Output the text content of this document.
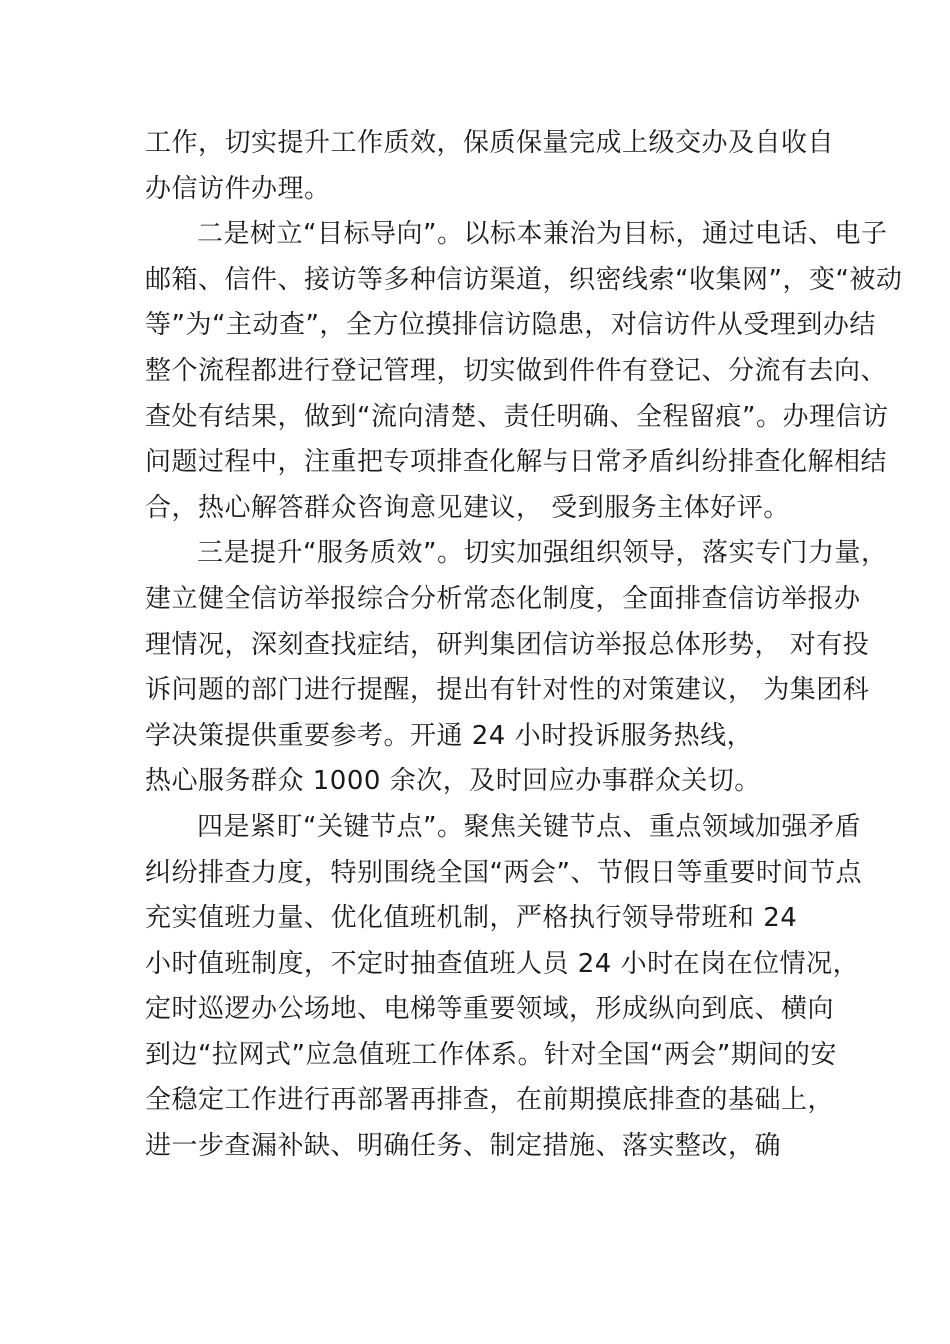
工作，切实提升工作质效，保质保量完成上级交办及自收自
办信访件办理。
二是树立“目标导向”。以标本兼治为目标，通过电话、电子
邮箱、信件、接访等多种信访渠道，织密线索“收集网”，变“被动
等”为“主动查”，全方位摸排信访隐患，对信访件从受理到办结
整个流程都进行登记管理，切实做到件件有登记、分流有去向、
查处有结果，做到“流向清楚、责任明确、全程留痕”。办理信访
问题过程中，注重把专项排查化解与日常矛盾纠纷排查化解相结
合，热心解答群众咨询意见建议， 受到服务主体好评。
三是提升“服务质效”。切实加强组织领导，落实专门力量，
建立健全信访举报综合分析常态化制度，全面排查信访举报办
理情况，深刻查找症结，研判集团信访举报总体形势， 对有投
诉问题的部门进行提醒，提出有针对性的对策建议， 为集团科
学决策提供重要参考。开通 24 小时投诉服务热线，
热心服务群众 1000 余次，及时回应办事群众关切。
四是紧盯“关键节点”。聚焦关键节点、重点领域加强矛盾
纠纷排查力度，特别围绕全国“两会”、节假日等重要时间节点
充实值班力量、优化值班机制，严格执行领导带班和 24
小时值班制度，不定时抽查值班人员 24 小时在岗在位情况，
定时巡逻办公场地、电梯等重要领域，形成纵向到底、横向
到边“拉网式”应急值班工作体系。针对全国“两会”期间的安
全稳定工作进行再部署再排查，在前期摸底排查的基础上，
进一步查漏补缺、明确任务、制定措施、落实整改，确
